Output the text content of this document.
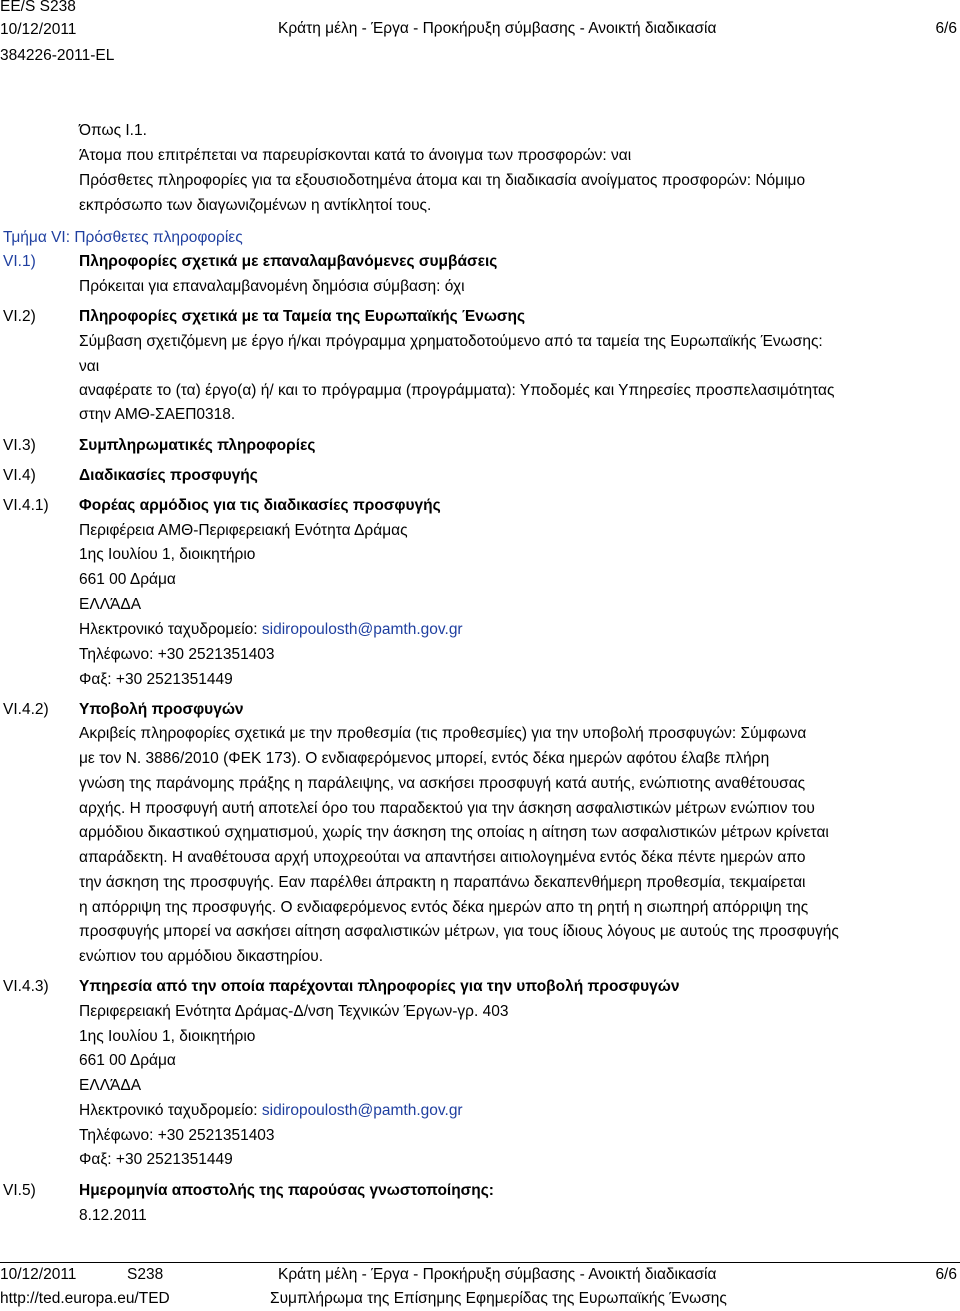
EE/S S238
10/12/2011
384226-2011-EL
Κράτη μέλη - Έργα - Προκήρυξη σύμβασης - Ανοικτή διαδικασία	6/6
Όπως I.1.
Άτομα που επιτρέπεται να παρευρίσκονται κατά το άνοιγμα των προσφορών: ναι
Πρόσθετες πληροφορίες για τα εξουσιοδοτημένα άτομα και τη διαδικασία ανοίγματος προσφορών: Νόμιμο
εκπρόσωπο των διαγωνιζομένων η αντίκλητοί τους.
Τμήμα VI: Πρόσθετες πληροφορίες
VI.1)	Πληροφορίες σχετικά με επαναλαμβανόμενες συμβάσεις
Πρόκειται για επαναλαμβανομένη δημόσια σύμβαση: όχι
VI.2)	Πληροφορίες σχετικά με τα Ταμεία της Ευρωπαϊκής Ένωσης
Σύμβαση σχετιζόμενη με έργο ή/και πρόγραμμα χρηματοδοτούμενο από τα ταμεία της Ευρωπαϊκής Ένωσης:
ναι
αναφέρατε το (τα) έργο(α) ή/ και το πρόγραμμα (προγράμματα): Υποδομές και Υπηρεσίες προσπελασιμότητας
στην ΑΜΘ-ΣΑΕΠ0318.
VI.3)	Συμπληρωματικές πληροφορίες
VI.4)	Διαδικασίες προσφυγής
VI.4.1) Φορέας αρμόδιος για τις διαδικασίες προσφυγής
Περιφέρεια ΑΜΘ-Περιφερειακή Ενότητα Δράμας
1ης Ιουλίου 1, διοικητήριο
661 00 Δράμα
ΕΛΛΆΔΑ
Ηλεκτρονικό ταχυδρομείο: sidiropoulosth@pamth.gov.gr
Τηλέφωνο: +30 2521351403
Φαξ: +30 2521351449
VI.4.2) Υποβολή προσφυγών
Ακριβείς πληροφορίες σχετικά με την προθεσμία (τις προθεσμίες) για την υποβολή προσφυγών: Σύμφωνα
με τον Ν. 3886/2010 (ΦΕΚ 173). Ο ενδιαφερόμενος μπορεί, εντός δέκα ημερών αφότου έλαβε πλήρη
γνώση της παράνομης πράξης η παράλειψης, να ασκήσει προσφυγή κατά αυτής, ενώπιοτης αναθέτουσας
αρχής. Η προσφυγή αυτή αποτελεί όρο του παραδεκτού για την άσκηση ασφαλιστικών μέτρων ενώπιον του
αρμόδιου δικαστικού σχηματισμού, χωρίς την άσκηση της οποίας η αίτηση των ασφαλιστικών μέτρων κρίνεται
απαράδεκτη. Η αναθέτουσα αρχή υποχρεούται να απαντήσει αιτιολογημένα εντός δέκα πέντε ημερών απο
την άσκηση της προσφυγής. Εαν παρέλθει άπρακτη η παραπάνω δεκαπενθήμερη προθεσμία, τεκμαίρεται
η απόρριψη της προσφυγής. Ο ενδιαφερόμενος εντός δέκα ημερών απο τη ρητή η σιωπηρή απόρριψη της
προσφυγής μπορεί να ασκήσει αίτηση ασφαλιστικών μέτρων, για τους ίδιους λόγους με αυτούς της προσφυγής
ενώπιον του αρμόδιου δικαστηρίου.
VI.4.3) Υπηρεσία από την οποία παρέχονται πληροφορίες για την υποβολή προσφυγών
Περιφερειακή Ενότητα Δράμας-Δ/νση Τεχνικών Έργων-γρ. 403
1ης Ιουλίου 1, διοικητήριο
661 00 Δράμα
ΕΛΛΆΔΑ
Ηλεκτρονικό ταχυδρομείο: sidiropoulosth@pamth.gov.gr
Τηλέφωνο: +30 2521351403
Φαξ: +30 2521351449
VI.5)	Ημερομηνία αποστολής της παρούσας γνωστοποίησης:
8.12.2011
10/12/2011	S238
http://ted.europa.eu/TED
Κράτη μέλη - Έργα - Προκήρυξη σύμβασης - Ανοικτή διαδικασία
Συμπλήρωμα της Επίσημης Εφημερίδας της Ευρωπαϊκής Ένωσης
6/6
